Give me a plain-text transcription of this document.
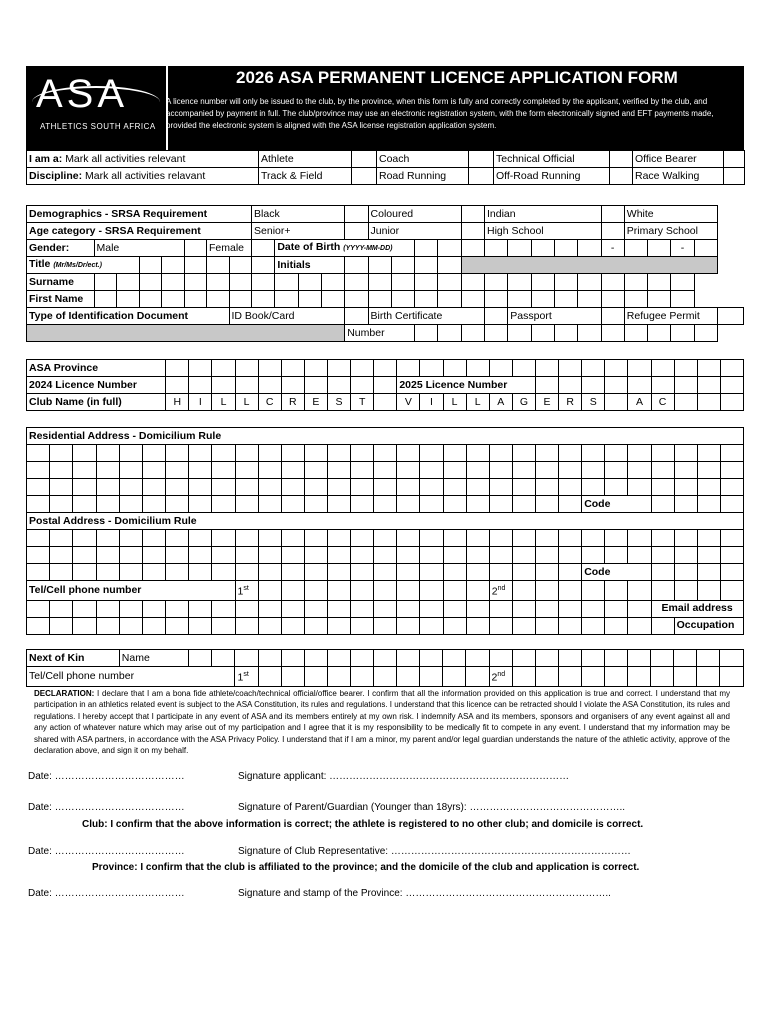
ASA
ATHLETICS SOUTH AFRICA
2026 ASA PERMANENT LICENCE APPLICATION FORM
A licence number will only be issued to the club, by the province, when this form is fully and correctly completed by the applicant, verified by the club, and accompanied by payment in full. The club/province may use an electronic registration system, with the form electronically signed and EFT payments made, provided the electronic system is aligned with the ASA license registration application system.
I am a: Mark all activities relevant	Athlete		Coach		Technical Official		Office Bearer	
Discipline: Mark all activities relavant	Track & Field		Road Running		Off-Road Running		Race Walking	
Demographics - SRSA Requirement								Black					Coloured					Indian						White				
Age category - SRSA Requirement								Senior+					Junior					High School						Primary School				
Gender:	Male					Female			Date of Birth (YYYY-MM-DD)														-			-		
Title (Mr/Ms/Dr/ect.)									Initials																			
Surname																												
First Name																												
Type of Identification Document							ID Book/Card						Birth Certificate						Passport					Refugee Permit				
												Number																
ASA Province																									
2024 Licence Number											2025 Licence Number														
Club Name (in full)	H	I	L	L	C	R	E	S	T		V	I	L	L	A	G	E	R	S		A	C			
Residential Address - Domicilium Rule																														

																								Code						
Postal Address - Domicilium Rule																														

																								Code						
Tel/Cell phone number									1st											2nd										
																											Email address			
																												Occupation		
Next of Kin	Name																								
Tel/Cell phone number				1st											2nd										
DECLARATION: I declare that I am a bona fide athlete/coach/technical official/office bearer. I confirm that all the information provided on this application is true and correct. I understand that my participation in an athletics related event is subject to the ASA Constitution, its rules and regulations. I understand that this licence can be retracted should I violate the ASA Constitution, its rules and regulations. I hereby accept that I participate in any event of ASA and its members entirely at my own risk. I indemnify ASA and its members, sponsors and organisers of any event against all and any action of whatever nature which may arise out of my participation and I agree that it is my responsibility to be medically fit to compete in any event. I understand that my information may be shared with ASA partners, in accordance with the ASA Privacy Policy. I understand that if I am a minor, my parent and/or legal guardian understands the nature of the athletic activity, approve of the declaration above, and sign it on my behalf.
Date: …………………………………	Signature applicant: ………………………………………………………………
Date: …………………………………	Signature of Parent/Guardian (Younger than 18yrs): ………………………………………..
Club: I confirm that the above information is correct; the athlete is registered to no other club; and domicile is correct.
Date: …………………………………	Signature of Club Representative: ………………………………………………………………
Province: I confirm that the club is affiliated to the province; and the domicile of the club and application is correct.
Date: …………………………………	Signature and stamp of the Province: ……………………………………………………..
